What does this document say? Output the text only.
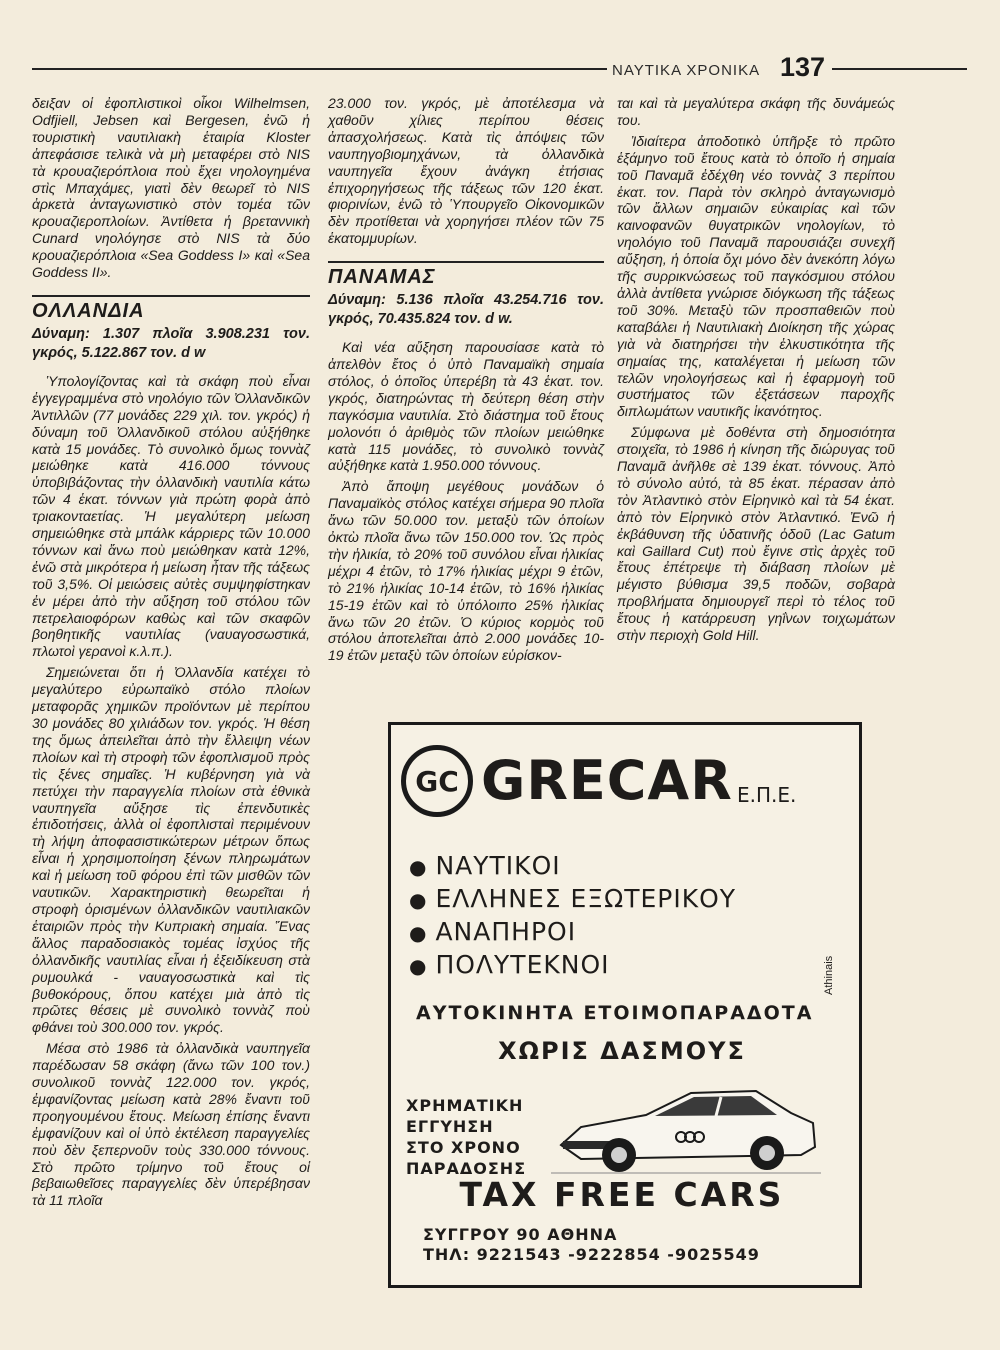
ΝΑΥΤΙΚΑ ΧΡΟΝΙΚΑ 137

δειξαν οἱ ἐφοπλιστικοὶ οἶκοι Wilhelmsen, Odfjiell, Jebsen καὶ Bergesen, ἐνῶ ἡ τουριστικὴ ναυτιλιακὴ ἑταιρία Kloster ἀπεφάσισε τελικὰ νὰ μὴ μεταφέρει στὸ NIS τὰ κρουαζιερόπλοια ποὺ ἔχει νηολογημένα στὶς Μπαχάμες, γιατὶ δὲν θεωρεῖ τὸ NIS ἀρκετὰ ἀνταγωνιστικὸ στὸν τομέα τῶν κρουαζιεροπλοίων. Ἀντίθετα ἡ βρεταννικὴ Cunard νηολόγησε στὸ NIS τὰ δύο κρουαζιερόπλοια «Sea Goddess I» καὶ «Sea Goddess II».

ΟΛΛΑΝΔΙΑ
Δύναμη: 1.307 πλοῖα 3.908.231 τον. γκρός, 5.122.867 τον. d w

Ὑπολογίζοντας καὶ τὰ σκάφη ποὺ εἶναι ἐγγεγραμμένα στὸ νηολόγιο τῶν Ὀλλανδικῶν Ἀντιλλῶν (77 μονάδες 229 χιλ. τον. γκρός) ἡ δύναμη τοῦ Ὀλλανδικοῦ στόλου αὐξήθηκε κατὰ 15 μονάδες. Τὸ συνολικὸ ὅμως τοννὰζ μειώθηκε κατὰ 416.000 τόννους ὑποβιβάζοντας τὴν ὀλλανδικὴ ναυτιλία κάτω τῶν 4 ἑκατ. τόννων γιὰ πρώτη φορὰ ἀπὸ τριακονταετίας. Ἡ μεγαλύτερη μείωση σημειώθηκε στὰ μπάλκ κάρριερς τῶν 10.000 τόννων καὶ ἄνω ποὺ μειώθηκαν κατὰ 12%, ἐνῶ στὰ μικρότερα ἡ μείωση ἦταν τῆς τάξεως τοῦ 3,5%. Οἱ μειώσεις αὐτὲς συμψηφίστηκαν ἐν μέρει ἀπὸ τὴν αὔξηση τοῦ στόλου τῶν πετρελαιοφόρων καθὼς καὶ τῶν σκαφῶν βοηθητικῆς ναυτιλίας (ναυαγοσωστικά, πλωτοὶ γερανοὶ κ.λ.π.).

Σημειώνεται ὅτι ἡ Ὀλλανδία κατέχει τὸ μεγαλύτερο εὐρωπαϊκὸ στόλο πλοίων μεταφορᾶς χημικῶν προϊόντων μὲ περίπου 30 μονάδες 80 χιλιάδων τον. γκρός. Ἡ θέση της ὅμως ἀπειλεῖται ἀπὸ τὴν ἔλλειψη νέων πλοίων καὶ τὴ στροφὴ τῶν ἐφοπλισμοῦ πρὸς τὶς ξένες σημαῖες. Ἡ κυβέρνηση γιὰ νὰ πετύχει τὴν παραγγελία πλοίων στὰ ἐθνικὰ ναυπηγεῖα αὔξησε τὶς ἐπενδυτικὲς ἐπιδοτήσεις, ἀλλὰ οἱ ἐφοπλισταὶ περιμένουν τὴ λήψη ἀποφασιστικώτερων μέτρων ὅπως εἶναι ἡ χρησιμοποίηση ξένων πληρωμάτων καὶ ἡ μείωση τοῦ φόρου ἐπὶ τῶν μισθῶν τῶν ναυτικῶν. Χαρακτηριστικὴ θεωρεῖται ἡ στροφὴ ὁρισμένων ὀλλανδικῶν ναυτιλιακῶν ἑταιριῶν πρὸς τὴν Κυπριακὴ σημαία. Ἕνας ἄλλος παραδοσιακὸς τομέας ἰσχύος τῆς ὀλλανδικῆς ναυτιλίας εἶναι ἡ ἐξειδίκευση στὰ ρυμουλκά - ναυαγοσωστικὰ καὶ τὶς βυθοκόρους, ὅπου κατέχει μιὰ ἀπὸ τὶς πρῶτες θέσεις μὲ συνολικὸ τοννὰζ ποὺ φθάνει τοὺ 300.000 τον. γκρός.

Μέσα στὸ 1986 τὰ ὀλλανδικὰ ναυπηγεῖα παρέδωσαν 58 σκάφη (ἄνω τῶν 100 τον.) συνολικοῦ τοννὰζ 122.000 τον. γκρός, ἐμφανίζοντας μείωση κατὰ 28% ἔναντι τοῦ προηγουμένου ἔτους. Μείωση ἐπίσης ἔναντι ἐμφανίζουν καὶ οἱ ὑπὸ ἐκτέλεση παραγγελίες ποὺ δὲν ξεπερνοῦν τοὺς 330.000 τόννους. Στὸ πρῶτο τρίμηνο τοῦ ἔτους οἱ βεβαιωθεῖσες παραγγελίες δὲν ὑπερέβησαν τὰ 11 πλοῖα

23.000 τον. γκρός, μὲ ἀποτέλεσμα νὰ χαθοῦν χίλιες περίπου θέσεις ἀπασχολήσεως. Κατὰ τὶς ἀπόψεις τῶν ναυπηγοβιομηχάνων, τὰ ὀλλανδικὰ ναυπηγεῖα ἔχουν ἀνάγκη ἐτήσιας ἐπιχορηγήσεως τῆς τάξεως τῶν 120 ἑκατ. φιορινίων, ἐνῶ τὸ Ὑπουργεῖο Οἰκονομικῶν δὲν προτίθεται νὰ χορηγήσει πλέον τῶν 75 ἑκατομμυρίων.

ΠΑΝΑΜΑΣ
Δύναμη: 5.136 πλοῖα 43.254.716 τον. γκρός, 70.435.824 τον. d w.

Καὶ νέα αὔξηση παρουσίασε κατὰ τὸ ἀπελθὸν ἔτος ὁ ὑπὸ Παναμαϊκὴ σημαία στόλος, ὁ ὁποῖος ὑπερέβη τὰ 43 ἑκατ. τον. γκρός, διατηρώντας τὴ δεύτερη θέση στὴν παγκόσμια ναυτιλία. Στὸ διάστημα τοῦ ἔτους μολονότι ὁ ἀριθμὸς τῶν πλοίων μειώθηκε κατὰ 115 μονάδες, τὸ συνολικὸ τοννὰζ αὐξήθηκε κατὰ 1.950.000 τόννους.

Ἀπὸ ἄποψη μεγέθους μονάδων ὁ Παναμαϊκὸς στόλος κατέχει σήμερα 90 πλοῖα ἄνω τῶν 50.000 τον. μεταξὺ τῶν ὁποίων ὀκτὼ πλοῖα ἄνω τῶν 150.000 τον. Ὡς πρὸς τὴν ἡλικία, τὸ 20% τοῦ συνόλου εἶναι ἡλικίας μέχρι 4 ἐτῶν, τὸ 17% ἡλικίας μέχρι 9 ἐτῶν, τὸ 21% ἡλικίας 10-14 ἐτῶν, τὸ 16% ἡλικίας 15-19 ἐτῶν καὶ τὸ ὑπόλοιπο 25% ἡλικίας ἄνω τῶν 20 ἐτῶν. Ὁ κύριος κορμὸς τοῦ στόλου ἀποτελεῖται ἀπὸ 2.000 μονάδες 10-19 ἐτῶν μεταξὺ τῶν ὁποίων εὑρίσκον-

ται καὶ τὰ μεγαλύτερα σκάφη τῆς δυνάμεώς του.

Ἰδιαίτερα ἀποδοτικὸ ὑπῆρξε τὸ πρῶτο ἑξάμηνο τοῦ ἔτους κατὰ τὸ ὁποῖο ἡ σημαία τοῦ Παναμᾶ ἐδέχθη νέο τοννὰζ 3 περίπου ἑκατ. τον. Παρὰ τὸν σκληρὸ ἀνταγωνισμὸ τῶν ἄλλων σημαιῶν εὐκαιρίας καὶ τῶν καινοφανῶν θυγατρικῶν νηολογίων, τὸ νηολόγιο τοῦ Παναμᾶ παρουσιάζει συνεχῆ αὔξηση, ἡ ὁποία ὄχι μόνο δὲν ἀνεκόπη λόγω τῆς συρρικνώσεως τοῦ παγκόσμιου στόλου ἀλλὰ ἀντίθετα γνώρισε διόγκωση τῆς τάξεως τοῦ 30%. Μεταξὺ τῶν προσπαθειῶν ποὺ καταβάλει ἡ Ναυτιλιακὴ Διοίκηση τῆς χώρας γιὰ νὰ διατηρήσει τὴν ἑλκυστικότητα τῆς σημαίας της, καταλέγεται ἡ μείωση τῶν τελῶν νηολογήσεως καὶ ἡ ἐφαρμογὴ τοῦ συστήματος τῶν ἐξετάσεων παροχῆς διπλωμάτων ναυτικῆς ἱκανότητος.

Σύμφωνα μὲ δοθέντα στὴ δημοσιότητα στοιχεῖα, τὸ 1986 ἡ κίνηση τῆς διώρυγας τοῦ Παναμᾶ ἀνῆλθε σὲ 139 ἑκατ. τόννους. Ἀπὸ τὸ σύνολο αὐτό, τὰ 85 ἑκατ. πέρασαν ἀπὸ τὸν Ἀτλαντικὸ στὸν Εἰρηνικὸ καὶ τὰ 54 ἑκατ. ἀπὸ τὸν Εἰρηνικὸ στὸν Ἀτλαντικό. Ἐνῶ ἡ ἐκβάθυνση τῆς ὑδατινῆς ὁδοῦ (Lac Gatum καὶ Gaillard Cut) ποὺ ἔγινε στὶς ἀρχὲς τοῦ ἔτους ἐπέτρεψε τὴ διάβαση πλοίων μὲ μέγιστο βύθισμα 39,5 ποδῶν, σοβαρὰ προβλήματα δημιουργεῖ περὶ τὸ τέλος τοῦ ἔτους ἡ κατάρρευση γηΐνων τοιχωμάτων στὴν περιοχὴ Gold Hill.

GC GRECAR Ε.Π.Ε.
● ΝΑΥΤΙΚΟΙ
● ΕΛΛΗΝΕΣ ΕΞΩΤΕΡΙΚΟΥ
● ΑΝΑΠΗΡΟΙ
● ΠΟΛΥΤΕΚΝΟΙ
ΑΥΤΟΚΙΝΗΤΑ ΕΤΟΙΜΟΠΑΡΑΔΟΤΑ
ΧΩΡΙΣ ΔΑΣΜΟΥΣ
ΧΡΗΜΑΤΙΚΗ
ΕΓΓΥΗΣΗ
ΣΤΟ ΧΡΟΝΟ
ΠΑΡΑΔΟΣΗΣ
Athinais
TAX FREE CARS
ΣΥΓΓΡΟΥ 90 ΑΘΗΝΑ
ΤΗΛ: 9221543 -9222854 -9025549
